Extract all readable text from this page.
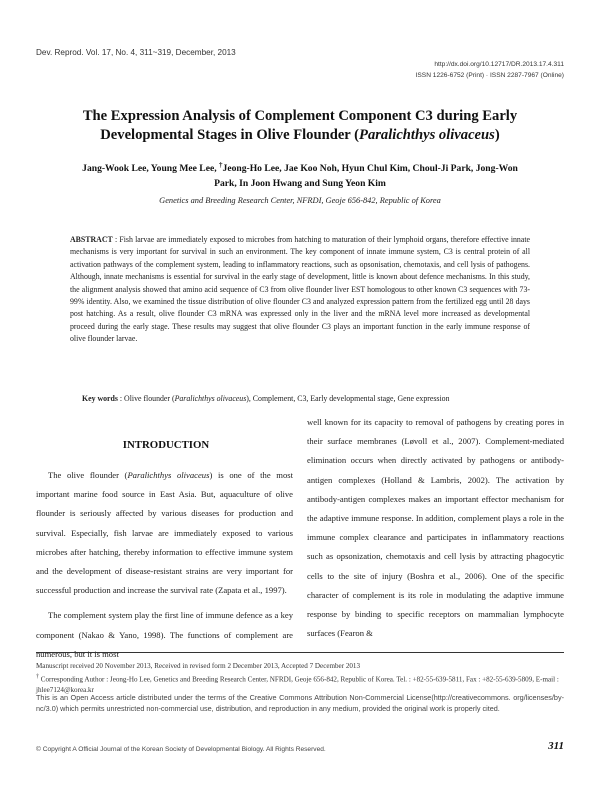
Dev. Reprod. Vol. 17, No. 4, 311~319, December, 2013
http://dx.doi.org/10.12717/DR.2013.17.4.311
ISSN 1226-6752 (Print) · ISSN 2287-7967 (Online)
The Expression Analysis of Complement Component C3 during Early Developmental Stages in Olive Flounder (Paralichthys olivaceus)
Jang-Wook Lee, Young Mee Lee, †Jeong-Ho Lee, Jae Koo Noh, Hyun Chul Kim, Choul-Ji Park, Jong-Won Park, In Joon Hwang and Sung Yeon Kim
Genetics and Breeding Research Center, NFRDI, Geoje 656-842, Republic of Korea
ABSTRACT : Fish larvae are immediately exposed to microbes from hatching to maturation of their lymphoid organs, therefore effective innate mechanisms is very important for survival in such an environment. The key component of innate immune system, C3 is central protein of all activation pathways of the complement system, leading to inflammatory reactions, such as opsonisation, chemotaxis, and cell lysis of pathogens. Although, innate mechanisms is essential for survival in the early stage of development, little is known about defence mechanisms. In this study, the alignment analysis showed that amino acid sequence of C3 from olive flounder liver EST homologous to other known C3 sequences with 73-99% identity. Also, we examined the tissue distribution of olive flounder C3 and analyzed expression pattern from the fertilized egg until 28 days post hatching. As a result, olive flounder C3 mRNA was expressed only in the liver and the mRNA level more increased as developmental proceed during the early stage. These results may suggest that olive flounder C3 plays an important function in the early immune response of olive flounder larvae.
Key words : Olive flounder (Paralichthys olivaceus), Complement, C3, Early developmental stage, Gene expression
INTRODUCTION

The olive flounder (Paralichthys olivaceus) is one of the most important marine food source in East Asia. But, aquaculture of olive flounder is seriously affected by various diseases for production and survival. Especially, fish larvae are immediately exposed to various microbes after hatching, thereby information to effective immune system and the development of disease-resistant strains are very important for successful production and increase the survival rate (Zapata et al., 1997).

The complement system play the first line of immune defence as a key component (Nakao & Yano, 1998). The functions of complement are numerous, but it is most

well known for its capacity to removal of pathogens by creating pores in their surface membranes (Løvoll et al., 2007). Complement-mediated elimination occurs when directly activated by pathogens or antibody-antigen complexes (Holland & Lambris, 2002). The activation by antibody-antigen complexes makes an important effector mechanism for the adaptive immune response. In addition, complement plays a role in the immune complex clearance and participates in inflammatory reactions such as opsonization, chemotaxis and cell lysis by attracting phagocytic cells to the site of injury (Boshra et al., 2006). One of the specific character of complement is its role in modulating the adaptive immune response by binding to specific receptors on mammalian lymphocyte surfaces (Fearon &

Manuscript received 20 November 2013, Received in revised form 2 December 2013, Accepted 7 December 2013
† Corresponding Author : Jeong-Ho Lee, Genetics and Breeding Research Center, NFRDI, Geoje 656-842, Republic of Korea. Tel. : +82-55-639-5811, Fax : +82-55-639-5809, E-mail : jhlee7124@korea.kr
This is an Open Access article distributed under the terms of the Creative Commons Attribution Non-Commercial License(http://creativecommons. org/licenses/by-nc/3.0) which permits unrestricted non-commercial use, distribution, and reproduction in any medium, provided the original work is properly cited.
© Copyright A Official Journal of the Korean Society of Developmental Biology. All Rights Reserved.	311
